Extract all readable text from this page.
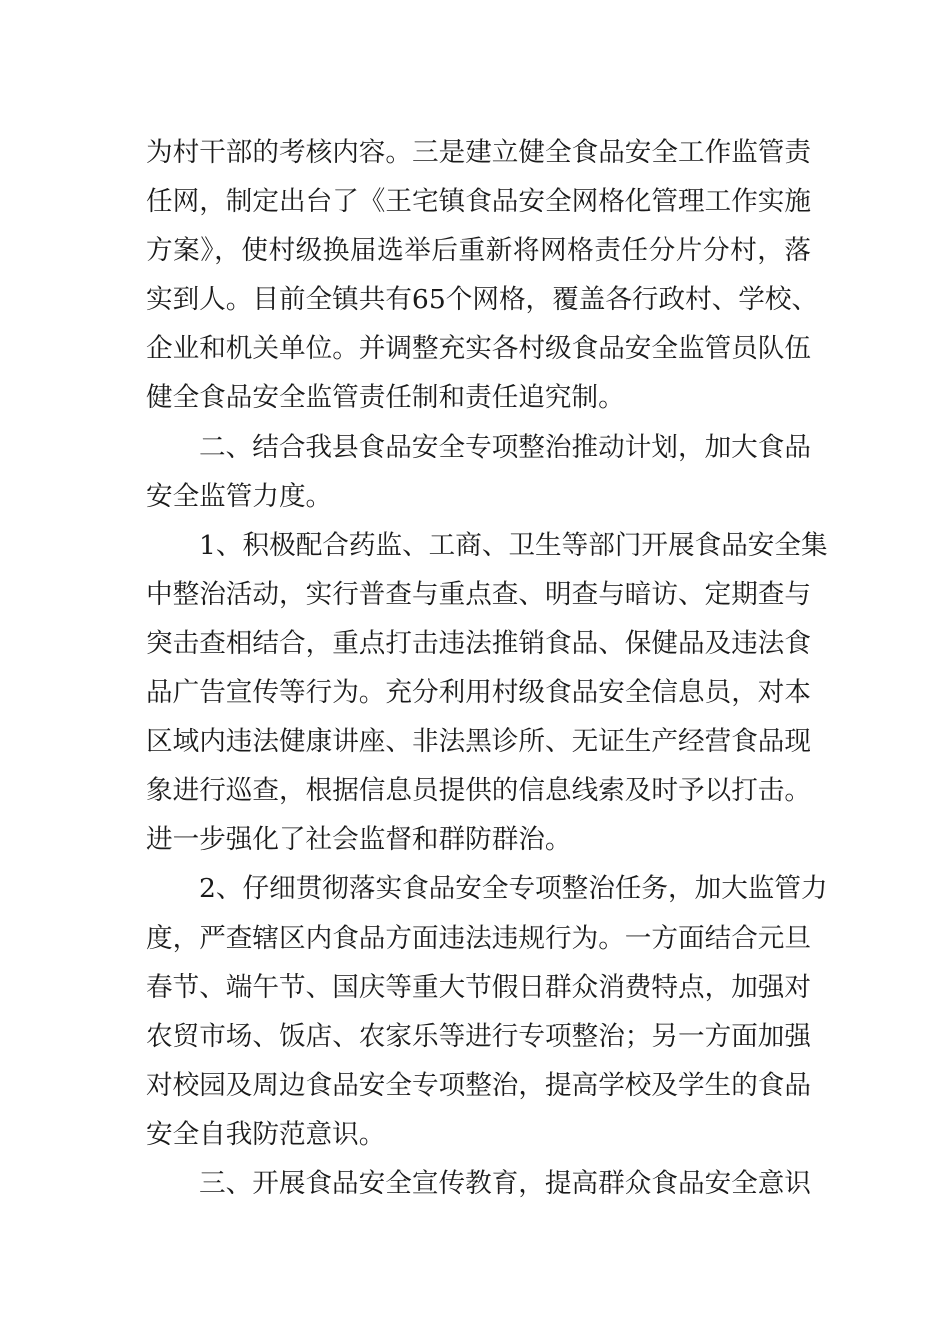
为村干部的考核内容。三是建立健全食品安全工作监管责
任网，制定出台了《王宅镇食品安全网格化管理工作实施
方案》，使村级换届选举后重新将网格责任分片分村，落
实到人。目前全镇共有65个网格，覆盖各行政村、学校、
企业和机关单位。并调整充实各村级食品安全监管员队伍
健全食品安全监管责任制和责任追究制。
二、结合我县食品安全专项整治推动计划，加大食品
安全监管力度。
1、积极配合药监、工商、卫生等部门开展食品安全集
中整治活动，实行普查与重点查、明查与暗访、定期查与
突击查相结合，重点打击违法推销食品、保健品及违法食
品广告宣传等行为。充分利用村级食品安全信息员，对本
区域内违法健康讲座、非法黑诊所、无证生产经营食品现
象进行巡查，根据信息员提供的信息线索及时予以打击。
进一步强化了社会监督和群防群治。
2、仔细贯彻落实食品安全专项整治任务，加大监管力
度，严查辖区内食品方面违法违规行为。一方面结合元旦
春节、端午节、国庆等重大节假日群众消费特点，加强对
农贸市场、饭店、农家乐等进行专项整治；另一方面加强
对校园及周边食品安全专项整治，提高学校及学生的食品
安全自我防范意识。
三、开展食品安全宣传教育，提高群众食品安全意识
